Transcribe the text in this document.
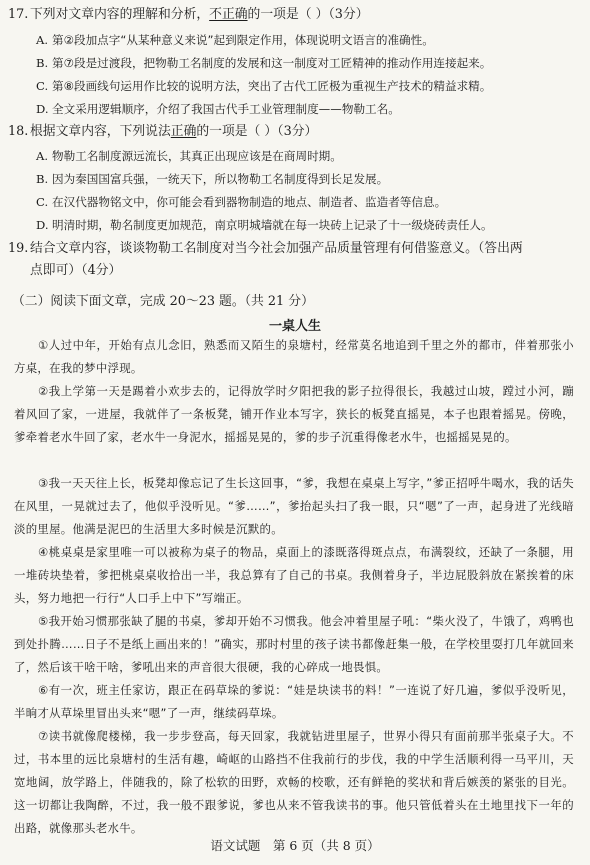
17. 下列对文章内容的理解和分析，不正确的一项是（ ）（3分）
A. 第②段加点字“从某种意义来说”起到限定作用，体现说明文语言的准确性。
B. 第⑦段是过渡段，把物勒工名制度的发展和这一制度对工匠精神的推动作用连接起来。
C. 第⑧段画线句运用作比较的说明方法，突出了古代工匠极为重视生产技术的精益求精。
D. 全文采用逻辑顺序，介绍了我国古代手工业管理制度——物勒工名。
18. 根据文章内容，下列说法正确的一项是（ ）（3分）
A. 物勒工名制度源远流长，其真正出现应该是在商周时期。
B. 因为秦国国富兵强，一统天下，所以物勒工名制度得到长足发展。
C. 在汉代器物铭文中，你可能会看到器物制造的地点、制造者、监造者等信息。
D. 明清时期，勒名制度更加规范，南京明城墙就在每一块砖上记录了十一级烧砖责任人。
19. 结合文章内容，谈谈物勒工名制度对当今社会加强产品质量管理有何借鉴意义。（答出两
点即可）（4分）
（二）阅读下面文章，完成 20～23 题。（共 21 分）
一桌人生
①人过中年，开始有点儿念旧，熟悉而又陌生的泉塘村，经常莫名地追到千里之外的都市，伴着那张小方桌，在我的梦中浮现。
②我上学第一天是踢着小欢步去的，记得放学时夕阳把我的影子拉得很长，我越过山坡，蹚过小河，蹦着风回了家，一进屋，我就伴了一条板凳，铺开作业本写字，狭长的板凳直摇晃，本子也跟着摇晃。傍晚，爹牵着老水牛回了家，老水牛一身泥水，摇摇晃晃的，爹的步子沉重得像老水牛，也摇摇晃晃的。
③我一天天往上长，板凳却像忘记了生长这回事，“爹，我想在桌桌上写字，”爹正招呼牛喝水，我的话失在风里，一晃就过去了，他似乎没听见。“爹……”，爹抬起头扫了我一眼，只“嗯”了一声，起身进了光线暗淡的里屋。他满是泥巴的生活里大多时候是沉默的。
④桃桌桌是家里唯一可以被称为桌子的物品，桌面上的漆既落得斑点点，布满裂纹，还缺了一条腿，用一堆砖块垫着，爹把桃桌桌收拾出一半，我总算有了自己的书桌。我侧着身子，半边屁股斜放在紧挨着的床头，努力地把一行行“人口手上中下”写端正。
⑤我开始习惯那张缺了腿的书桌，爹却开始不习惯我。他会冲着里屋子吼：“柴火没了，牛饿了，鸡鸭也到处扑腾……日子不是纸上画出来的！”确实，那时村里的孩子读书都像赶集一般，在学校里耍打几年就回来了，然后该干啥干啥，爹吼出来的声音很大很硬，我的心碎成一地畏惧。
⑥有一次，班主任家访，跟正在码草垛的爹说：“娃是块读书的料！”一连说了好几遍，爹似乎没听见，半晌才从草垛里冒出头来“嗯”了一声，继续码草垛。
⑦读书就像爬楼梯，我一步步登高，每天回家，我就钻进里屋子，世界小得只有面前那半张桌子大。不过，书本里的远比泉塘村的生活有趣，崎岖的山路挡不住我前行的步伐，我的中学生活顺利得一马平川，天宽地阔，放学路上，伴随我的，除了松软的田野，欢畅的校歌，还有鲜艳的奖状和背后嫉羡的紧张的目光。这一切都让我陶醉，不过，我一般不跟爹说，爹也从来不管我读书的事。他只管低着头在土地里找下一年的出路，就像那头老水牛。
语文试题　第 6 页（共 8 页）
